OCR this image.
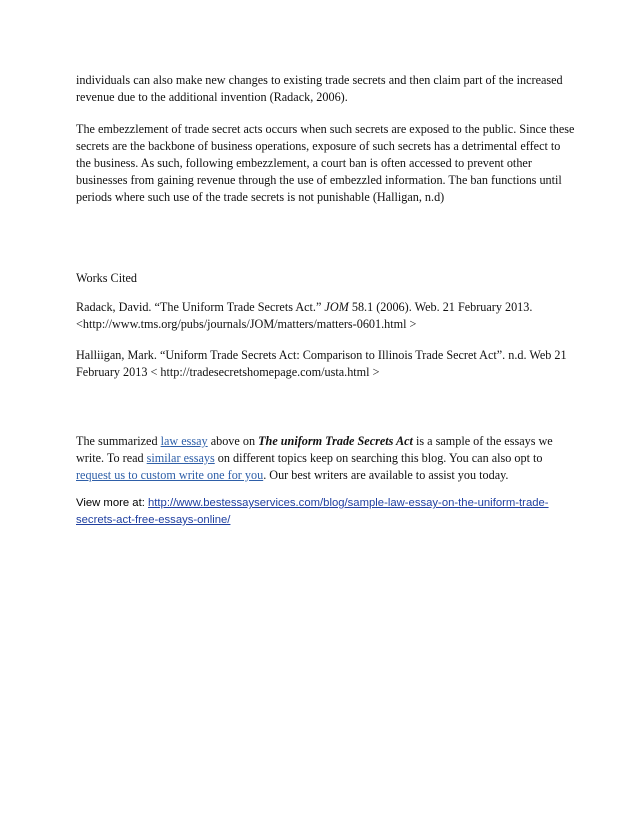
individuals can also make new changes to existing trade secrets and then claim part of the increased revenue due to the additional invention (Radack, 2006).

The embezzlement of trade secret acts occurs when such secrets are exposed to the public. Since these secrets are the backbone of business operations, exposure of such secrets has a detrimental effect to the business. As such, following embezzlement, a court ban is often accessed to prevent other businesses from gaining revenue through the use of embezzled information. The ban functions until periods where such use of the trade secrets is not punishable (Halligan, n.d)

Works Cited

Radack, David. “The Uniform Trade Secrets Act.” JOM 58.1 (2006). Web. 21 February 2013. <http://www.tms.org/pubs/journals/JOM/matters/matters-0601.html >

Halliigan, Mark. “Uniform Trade Secrets Act: Comparison to Illinois Trade Secret Act”. n.d. Web 21 February 2013 < http://tradesecretshomepage.com/usta.html >

The summarized law essay above on The uniform Trade Secrets Act is a sample of the essays we write. To read similar essays on different topics keep on searching this blog. You can also opt to request us to custom write one for you. Our best writers are available to assist you today.

View more at: http://www.bestessayservices.com/blog/sample-law-essay-on-the-uniform-trade-secrets-act-free-essays-online/
